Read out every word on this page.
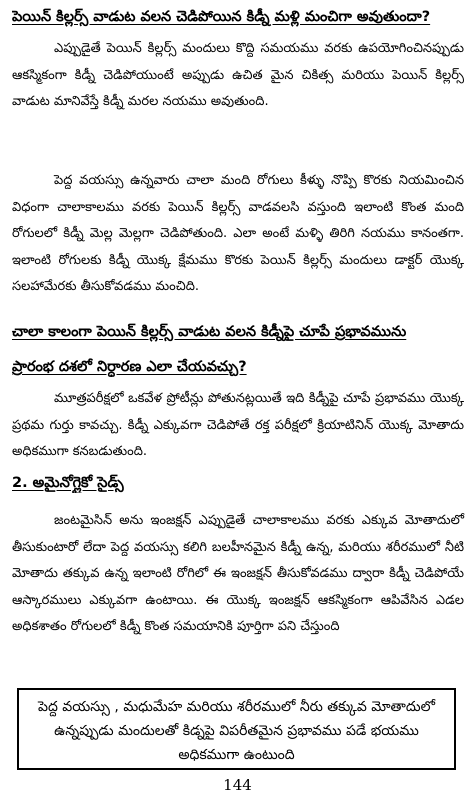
పెయిన్ కిల్లర్స్ వాడుట వలన చెడిపోయిన కిడ్నీ మళ్లి మంచిగా అవుతుందా?

ఎప్పుడైతే పెయిన్ కిల్లర్స్ మందులు కొద్ది సమయము వరకు ఉపయోగించినప్పుడు ఆకస్మికంగా కిడ్నీ చెడిపోయుంటే అప్పుడు ఉచిత మైన చికిత్స మరియు పెయిన్ కిల్లర్స్ వాడుట మానివేస్తే కిడ్నీ మరల నయము అవుతుంది.

పెద్ద వయస్సు ఉన్నవారు చాలా మంది రోగులు కీళ్ళు నొప్పి కొరకు నియమించిన విధంగా చాలాకాలము వరకు పెయిన్ కిల్లర్స్ వాడవలసి వస్తుంది ఇలాంటి కొంత మంది రోగులలో కిడ్నీ మెల్ల మెల్లగా చెడిపోతుంది. ఎలా అంటే మళ్ళి తిరిగి నయము కానంతగా. ఇలాంటి రోగులకు కిడ్నీ యొక్క క్షేమము కొరకు పెయిన్ కిల్లర్స్ మందులు డాక్టర్ యొక్క సలహామేరకు తీసుకోవడము మంచిది.

చాలా కాలంగా పెయిన్ కిల్లర్స్ వాడుట వలన కిడ్నీపై చూపే ప్రభావమును
ప్రారంభ దశలో నిర్ధారణ ఎలా చేయవచ్చు?

మూత్రపరీక్షలో ఒకవేళ ప్రోటీన్లు పోతునట్లయితే ఇది కిడ్నీపై చూపే ప్రభావము యొక్క ప్రథమ గుర్తు కావచ్చు. కిడ్నీ ఎక్కువగా చెడిపోతే రక్త పరీక్షలో క్రియాటినిన్ యొక్క మోతాదు అధికముగా కనబడుతుంది.

2. అమైనోగ్లైకో సైడ్స్

జంటమైసిన్ అను ఇంజక్షన్ ఎప్పుడైతే చాలాకాలము వరకు ఎక్కువ మోతాదులో తీసుకుంటారో లేదా పెద్ద వయస్సు కలిగి బలహీనమైన కిడ్నీ ఉన్న, మరియు శరీరములో నీటి మోతాదు తక్కువ ఉన్న ఇలాంటి రోగిలో ఈ ఇంజక్షన్ తీసుకోవడము ద్వారా కిడ్నీ చెడిపోయే ఆస్కారములు ఎక్కువగా ఉంటాయి. ఈ యొక్క ఇంజక్షన్ ఆకస్మికంగా ఆపివేసిన ఎడల అధికశాతం రోగులలో కిడ్నీ కొంత సమయానికి పూర్తిగా పని చేస్తుంది

పెద్ద వయస్సు , మధుమేహ మరియు శరీరములో నీరు తక్కువ మోతాదులో ఉన్నప్పుడు మందులతో కిడ్నపై విపరీతమైన ప్రభావము పడే భయము అధికముగా ఉంటుంది
144
